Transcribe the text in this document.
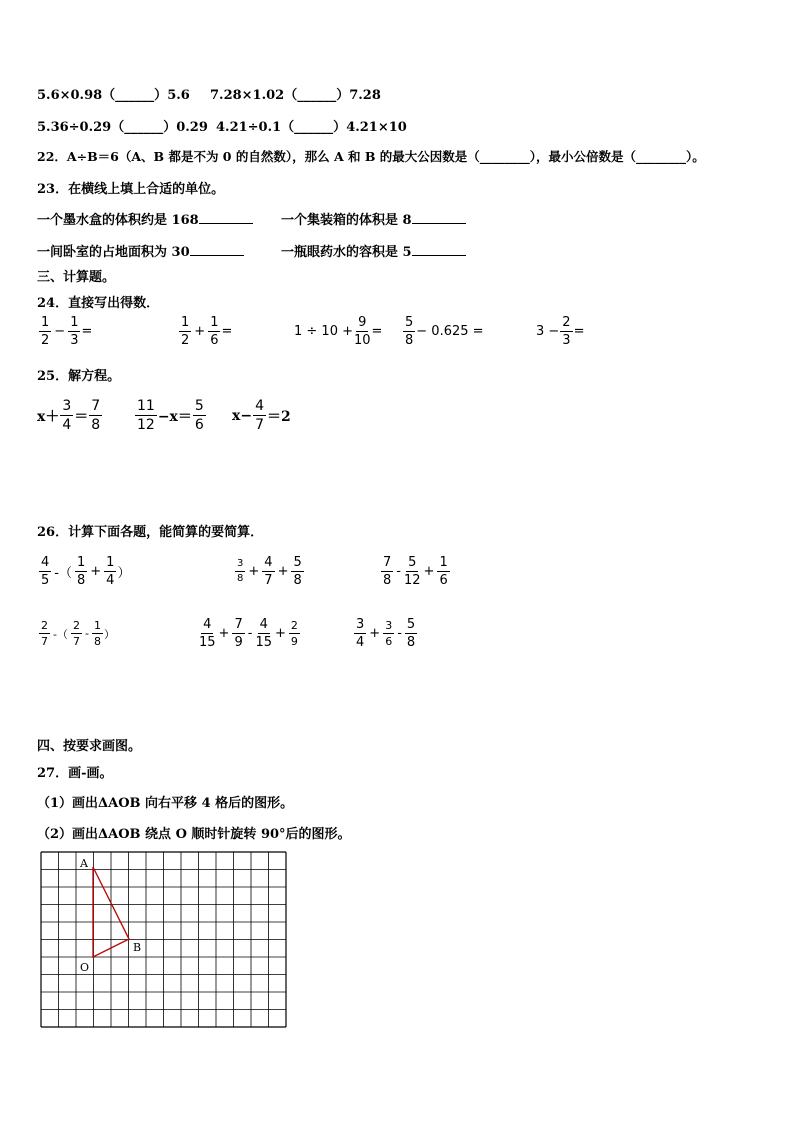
5.6×0.98（______）5.6 7.28×1.02（______）7.28
5.36÷0.29（______）0.29 4.21÷0.1（______）4.21×10
22．A÷B＝6（A、B 都是不为 0 的自然数），那么 A 和 B 的最大公因数是（________），最小公倍数是（________）。
23．在横线上填上合适的单位。
一个墨水盒的体积约是 168	一个集装箱的体积是 8
一间卧室的占地面积为 30	一瓶眼药水的容积是 5
三、计算题。
24．直接写出得数．
$\frac{1}{2} - \frac{1}{3}$ =	$\frac{1}{2} + \frac{1}{6}$ =	$1 \div 10 + \frac{9}{10} = \frac{5}{8} - 0.625$ =	$3 - \frac{2}{3}$ =
25．解方程。
$x+ \frac{3}{4} = \frac{7}{8} \frac{11}{12} -x= \frac{5}{6} x- \frac{4}{7} =2$
26．计算下面各题，能简算的要简算．
$\frac{4}{5}$ -（ $\frac{1}{8} + \frac{1}{4}$ ）	$\frac{3}{8} + \frac{4}{7} + \frac{5}{8}$	$\frac{7}{8} - \frac{5}{12} + \frac{1}{6}$
$\frac{2}{7}$ -（ $\frac{2}{7} - \frac{1}{8}$ ）	$\frac{4}{15} + \frac{7}{9} - \frac{4}{15} + \frac{2}{9}$	$\frac{3}{4} + \frac{3}{6} - \frac{5}{8}$
四、按要求画图。
27．画-画。
（1）画出ΔAOB 向右平移 4 格后的图形。
（2）画出ΔAOB 绕点 O 顺时针旋转 90°后的图形。
A
B
O
